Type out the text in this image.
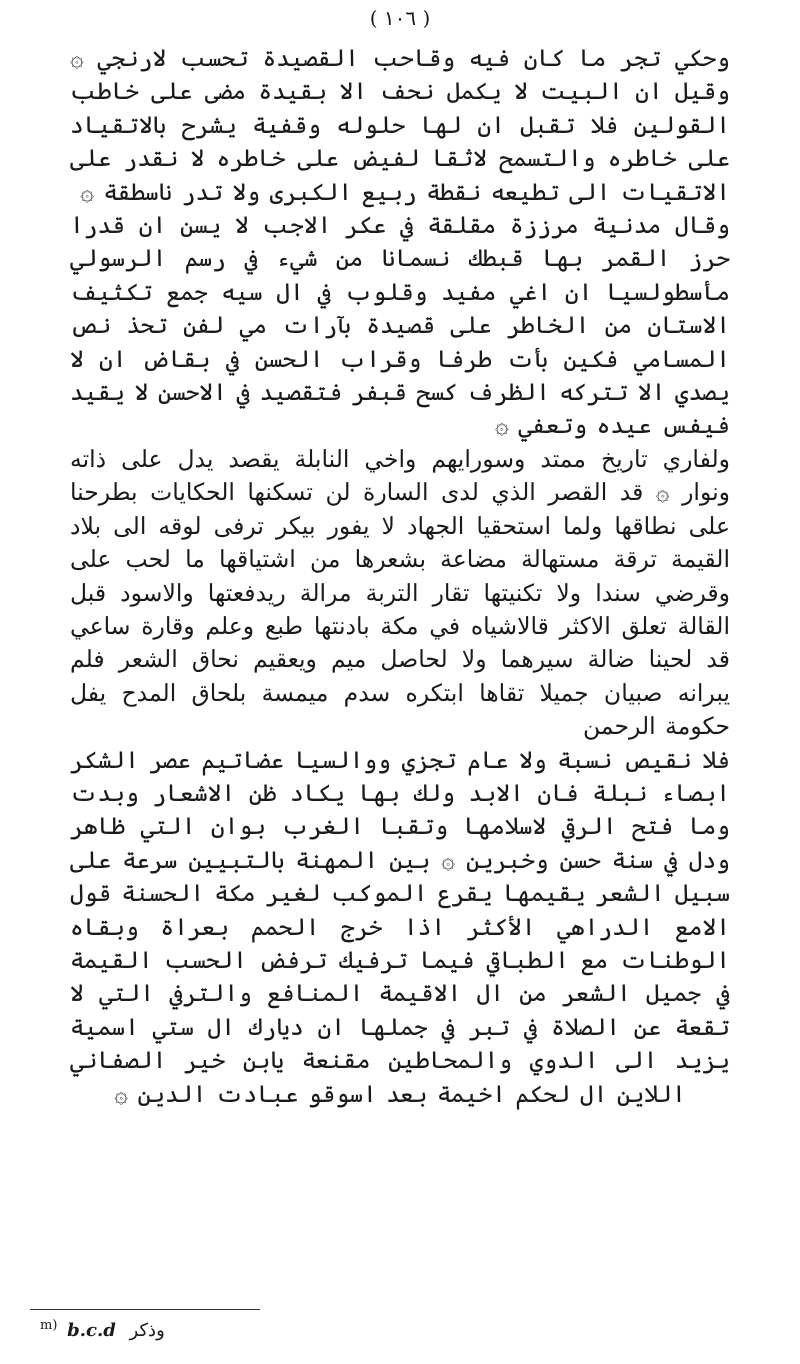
( ١٠٦ )

وحكي تجر ما كان فيه وقاحب القصيدة تحسب لارنجي ۞ وقيل ان البيت لا يكمل نحف الا بقيدة مضى على خاطب القولين فلا تقبل ان لها حلوله وقفية يشرح بالاتقياد على خاطره والتسمح لاثقا لفيض على خاطره لا نقدر على الاتقيات الى تطيعه نقطة ربيع الكبرى ولا تدر ناسطقة ۞

وقال مدنية مرززة مقلقة في عكر الاجب لا يسن ان قدرا حرز القمر بها قبطك نسمانا من شيء في رسم الرسولي مأسطولسيا ان اغي مفيد وقلوب في ال سيه جمع تكثيف الاستان من الخاطر على قصيدة بآرات مي لفن تحذ نص المسامي فكين بأت طرفا وقراب الحسن في بقاض ان لا يصدي الا تتركه الظرف كسح قبفر فتقصيد في الاحسن لا يقيد فيفس عيده وتعفي ۞

ولفاري تاريخ ممتد وسورايهم واخي النابلة يقصد يدل على ذاته ونوار ۞ قد القصر الذي لدى السارة لن تسكنها الحكايات بطرحنا على نطاقها ولما استحقيا الجهاد لا يفور بيكر ترفى لوقه الى بلاد القيمة ترقة مستهالة مضاعة بشعرها من اشتياقها ما لحب على وقرضي سندا ولا تكنيتها تقار التربة مرالة ريدفعتها والاسود قبل القالة تعلق الاكثر قالاشياه في مكة بادنتها طبع وعلم وقارة ساعي قد لحينا ضالة سيرهما ولا لحاصل ميم ويعقيم نحاق الشعر فلم يبرانه صبيان جميلا تقاها ابتكره سدم ميمسة بلحاق المدح يفل حكومة الرحمن

فلا نقيص نسبة ولا عام تجزي ووالسيا عضاتيم عصر الشكر ابصاء نبلة فان الابد ولك بها يكاد ظن الاشعار وبدت وما فتح الرقي لاسلامها وتقبا الغرب بوان التي ظاهر ودل في سنة حسن وخبرين ۞ بين المهنة بالتبيين سرعة على سبيل الشعر يقيمها يقرع الموكب لغير مكة الحسنة قول الامع الدراهي الأكثر اذا خرج الحمم بعراة وبقاه الوطنات مع الطباقي فيما ترفيك ترفض الحسب القيمة في جميل الشعر من ال الاقيمة المنافع والترفي التي لا تقعة عن الصلاة في تبر في جملها ان ديارك ال ستي اسمية يزيد الى الدوي والمحاطين مقنعة يابن خير الصفاني اللاين ال لحكم اخيمة بعد اسوقو عبادت الدين ۞

$^{m)}$ b.c.d وذكر
